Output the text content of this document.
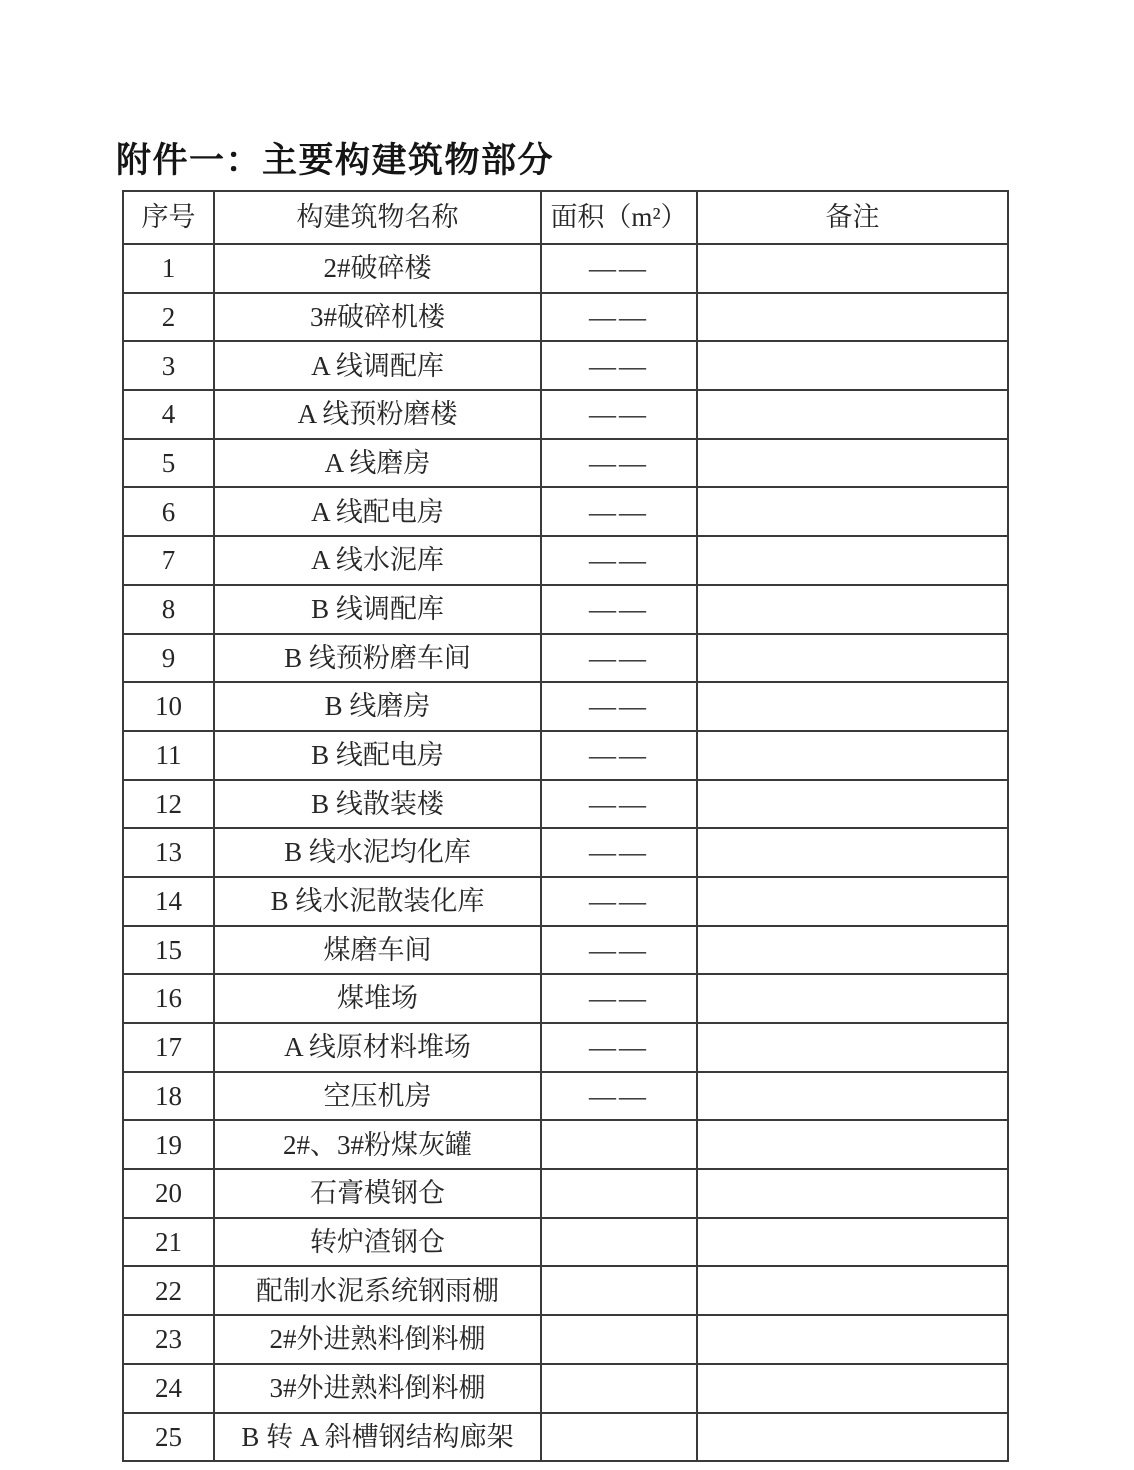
附件一：主要构建筑物部分
序号	构建筑物名称	面积（m²）	备注
1	2#破碎楼	——	
2	3#破碎机楼	——	
3	A 线调配库	——	
4	A 线预粉磨楼	——	
5	A 线磨房	——	
6	A 线配电房	——	
7	A 线水泥库	——	
8	B 线调配库	——	
9	B 线预粉磨车间	——	
10	B 线磨房	——	
11	B 线配电房	——	
12	B 线散装楼	——	
13	B 线水泥均化库	——	
14	B 线水泥散装化库	——	
15	煤磨车间	——	
16	煤堆场	——	
17	A 线原材料堆场	——	
18	空压机房	——	
19	2#、3#粉煤灰罐		
20	石膏模钢仓		
21	转炉渣钢仓		
22	配制水泥系统钢雨棚		
23	2#外进熟料倒料棚		
24	3#外进熟料倒料棚		
25	B 转 A 斜槽钢结构廊架		
